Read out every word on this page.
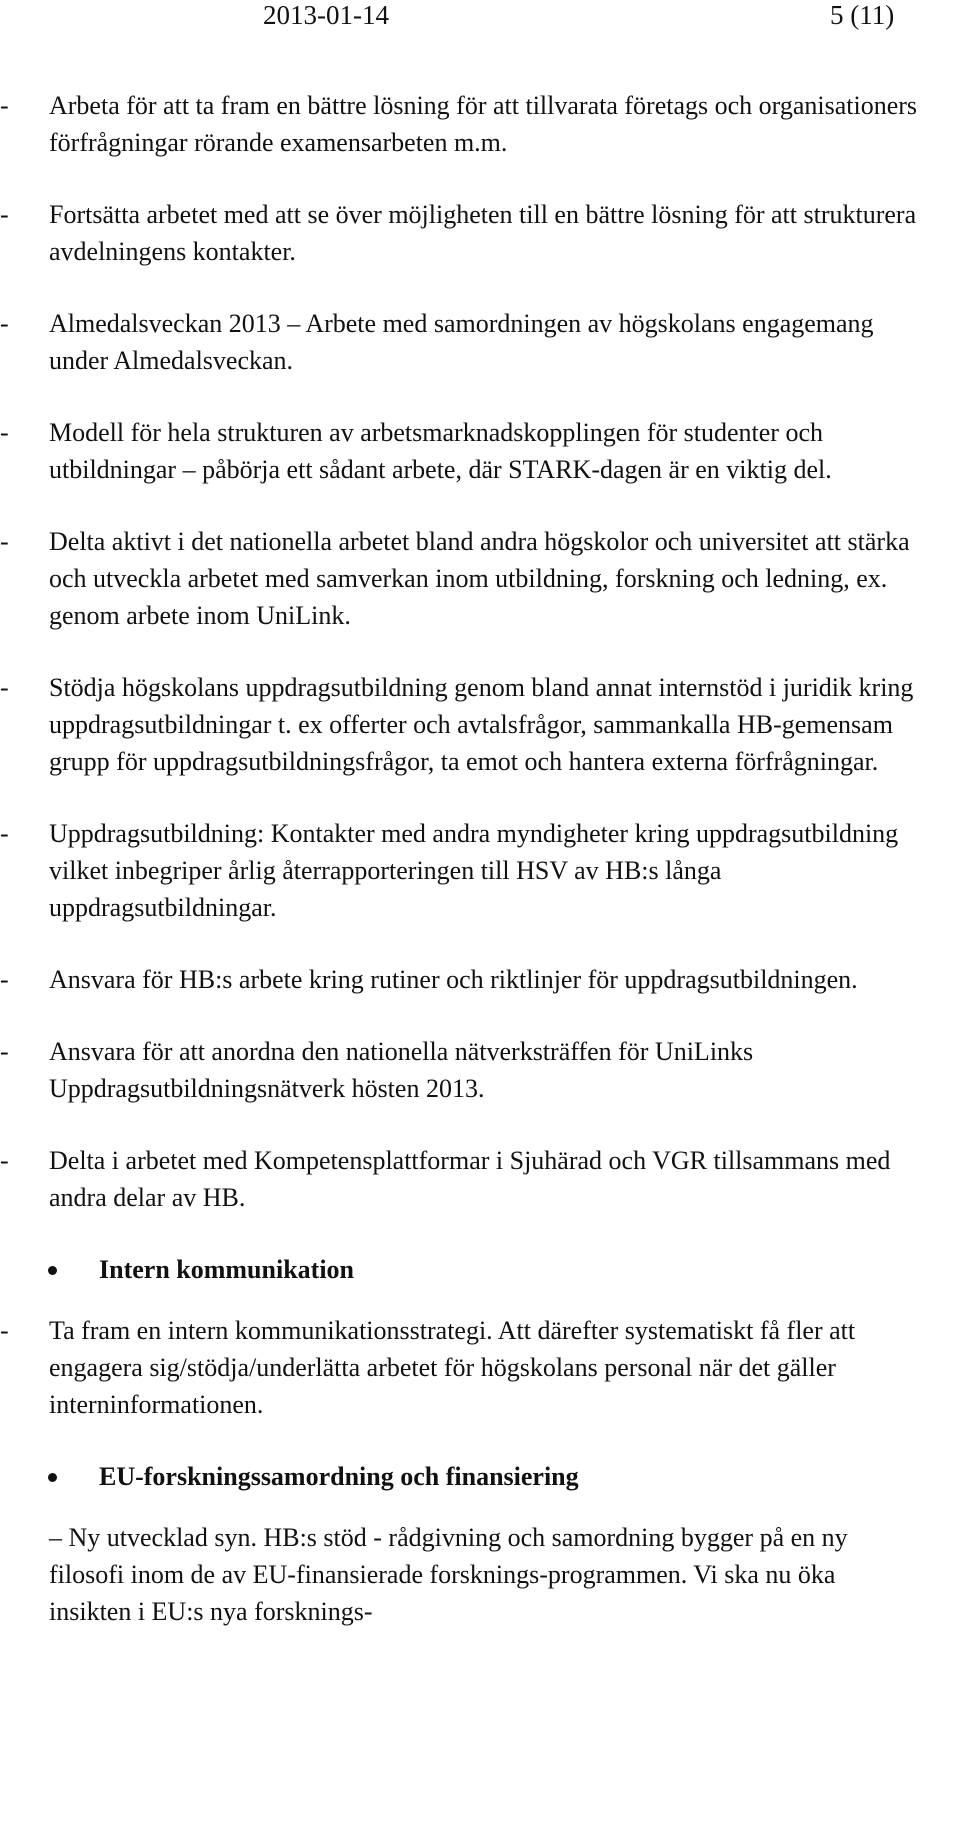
2013-01-14	5 (11)
- Arbeta för att ta fram en bättre lösning för att tillvarata företags och organisationers förfrågningar rörande examensarbeten m.m.
- Fortsätta arbetet med att se över möjligheten till en bättre lösning för att strukturera avdelningens kontakter.
- Almedalsveckan 2013 – Arbete med samordningen av högskolans engagemang under Almedalsveckan.
- Modell för hela strukturen av arbetsmarknadskopplingen för studenter och utbildningar – påbörja ett sådant arbete, där STARK-dagen är en viktig del.
- Delta aktivt i det nationella arbetet bland andra högskolor och universitet att stärka och utveckla arbetet med samverkan inom utbildning, forskning och ledning, ex. genom arbete inom UniLink.
- Stödja högskolans uppdragsutbildning genom bland annat internstöd i juridik kring uppdragsutbildningar t. ex offerter och avtalsfrågor, sammankalla HB-gemensam grupp för uppdragsutbildningsfrågor, ta emot och hantera externa förfrågningar.
- Uppdragsutbildning: Kontakter med andra myndigheter kring uppdragsutbildning vilket inbegriper årlig återrapporteringen till HSV av HB:s långa uppdragsutbildningar.
- Ansvara för HB:s arbete kring rutiner och riktlinjer för uppdragsutbildningen.
- Ansvara för att anordna den nationella nätverksträffen för UniLinks Uppdragsutbildningsnätverk hösten 2013.
- Delta i arbetet med Kompetensplattformar i Sjuhärad och VGR tillsammans med andra delar av HB.
Intern kommunikation
- Ta fram en intern kommunikationsstrategi. Att därefter systematiskt få fler att engagera sig/stödja/underlätta arbetet för högskolans personal när det gäller interninformationen.
EU-forskningssamordning och finansiering
– Ny utvecklad syn. HB:s stöd - rådgivning och samordning bygger på en ny filosofi inom de av EU-finansierade forsknings-programmen. Vi ska nu öka insikten i EU:s nya forsknings-
